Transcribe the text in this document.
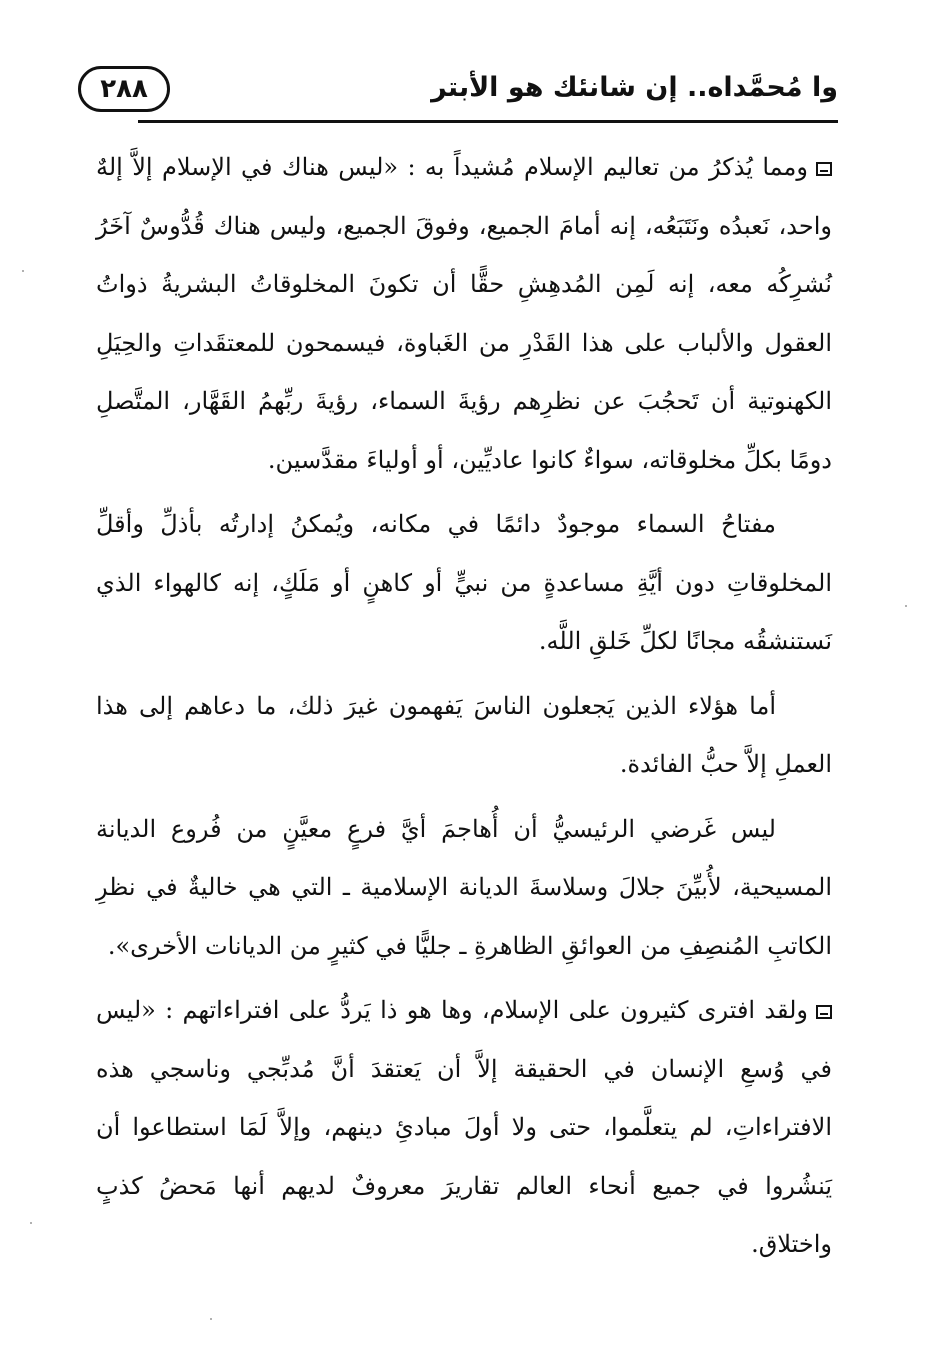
٢٨٨	وا مُحمَّداه.. إن شانئك هو الأبتر

ومما يُذكرُ من تعاليم الإسلام مُشيداً به : «ليس هناك في الإسلام إلاَّ إلهٌ واحد، نَعبدُه ونَتَبَعُه، إنه أمامَ الجميع، وفوقَ الجميع، وليس هناك قُدُّوسٌ آخَرُ نُشرِكُه معه، إنه لَمِن المُدهِشِ حقًّا أن تكونَ المخلوقاتُ البشريةُ ذواتُ العقول والألباب على هذا القَدْرِ من الغَباوة، فيسمحون للمعتقَداتِ والحِيَلِ الكهنوتية أن تَحجُبَ عن نظرِهم رؤيةَ السماء، رؤيةَ ربِّهمُ القَهَّار، المتَّصلِ دومًا بكلِّ مخلوقاته، سواءٌ كانوا عاديِّين، أو أولياءَ مقدَّسين.

مفتاحُ السماء موجودٌ دائمًا في مكانه، ويُمكنُ إدارتُه بأذلِّ وأقلِّ المخلوقاتِ دون أيَّةِ مساعدةٍ من نبيٍّ أو كاهنٍ أو مَلَكٍ، إنه كالهواء الذي نَستنشقُه مجانًا لكلِّ خَلقِ اللَّه.

أما هؤلاء الذين يَجعلون الناسَ يَفهمون غيرَ ذلك، ما دعاهم إلى هذا العملِ إلاَّ حبُّ الفائدة.

ليس غَرضي الرئيسيُّ أن أُهاجمَ أيَّ فرعٍ معيَّنٍ من فُروع الديانة المسيحية، لأُبيِّنَ جلالَ وسلاسةَ الديانة الإسلامية ـ التي هي خاليةٌ في نظرِ الكاتبِ المُنصِفِ من العوائقِ الظاهرةِ ـ جليًّا في كثيرٍ من الديانات الأخرى».

ولقد افترى كثيرون على الإسلام، وها هو ذا يَردُّ على افتراءاتهم : «ليس في وُسعِ الإنسان في الحقيقة إلاَّ أن يَعتقدَ أنَّ مُدبِّجي وناسجي هذه الافتراءاتِ، لم يتعلَّموا، حتى ولا أولَ مبادئِ دينهم، وإلاَّ لَمَا استطاعوا أن يَنشُروا في جميع أنحاء العالم تقاريرَ معروفٌ لديهم أنها مَحضُ كذبٍ واختلاق.
